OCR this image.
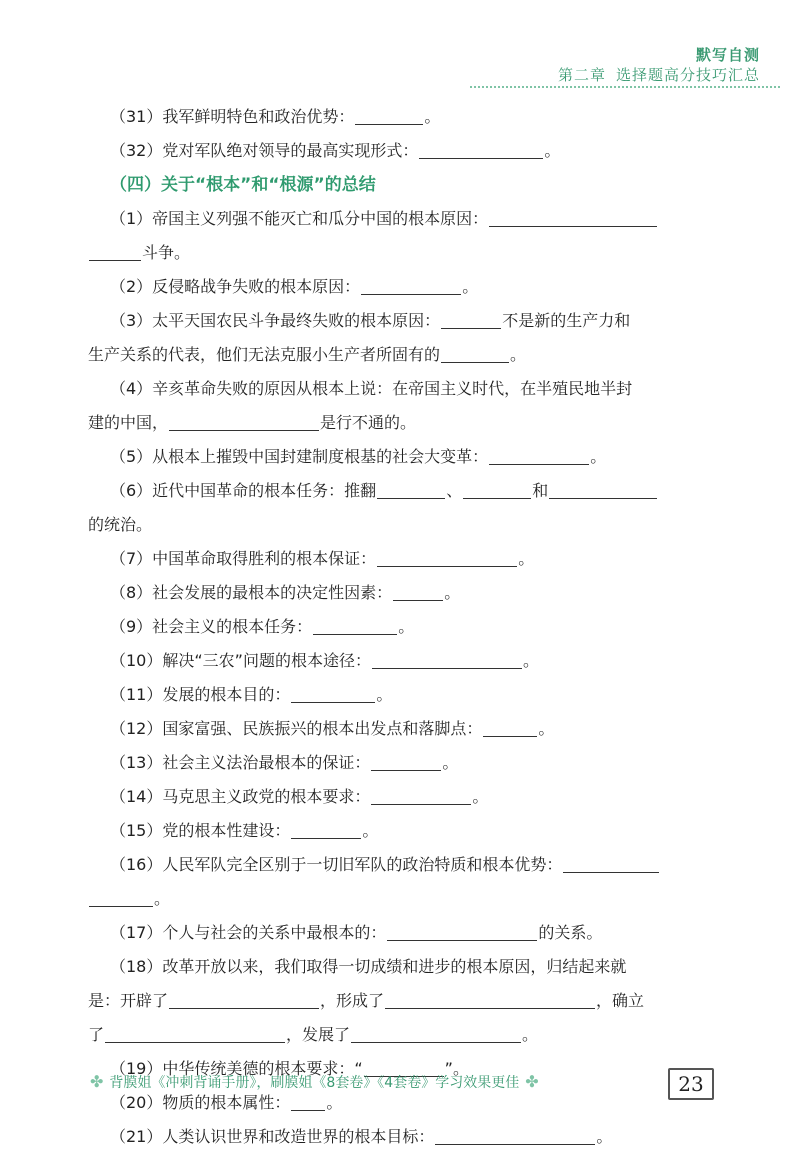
默写自测
第二章 选择题高分技巧汇总
（31）我军鲜明特色和政治优势：	。
（32）党对军队绝对领导的最高实现形式：	。
（四）关于“根本”和“根源”的总结
（1）帝国主义列强不能灭亡和瓜分中国的根本原因：
斗争。
（2）反侵略战争失败的根本原因：	。
（3）太平天国农民斗争最终失败的根本原因：	不是新的生产力和
生产关系的代表，他们无法克服小生产者所固有的	。
（4）辛亥革命失败的原因从根本上说：在帝国主义时代，在半殖民地半封
建的中国，	是行不通的。
（5）从根本上摧毁中国封建制度根基的社会大变革：	。
（6）近代中国革命的根本任务：推翻	、	和
的统治。
（7）中国革命取得胜利的根本保证：	。
（8）社会发展的最根本的决定性因素：	。
（9）社会主义的根本任务：	。
（10）解决“三农”问题的根本途径：	。
（11）发展的根本目的：	。
（12）国家富强、民族振兴的根本出发点和落脚点：	。
（13）社会主义法治最根本的保证：	。
（14）马克思主义政党的根本要求：	。
（15）党的根本性建设：	。
（16）人民军队完全区别于一切旧军队的政治特质和根本优势：
。
（17）个人与社会的关系中最根本的：	的关系。
（18）改革开放以来，我们取得一切成绩和进步的根本原因，归结起来就
是：开辟了	，形成了	，确立
了	，发展了	。
（19）中华传统美德的根本要求：“	”。
（20）物质的根本属性： 。
（21）人类认识世界和改造世界的根本目标：	。
✤ 背膜姐《冲刺背诵手册》，刷膜姐《8套卷》《4套卷》学习效果更佳 ✤	23
